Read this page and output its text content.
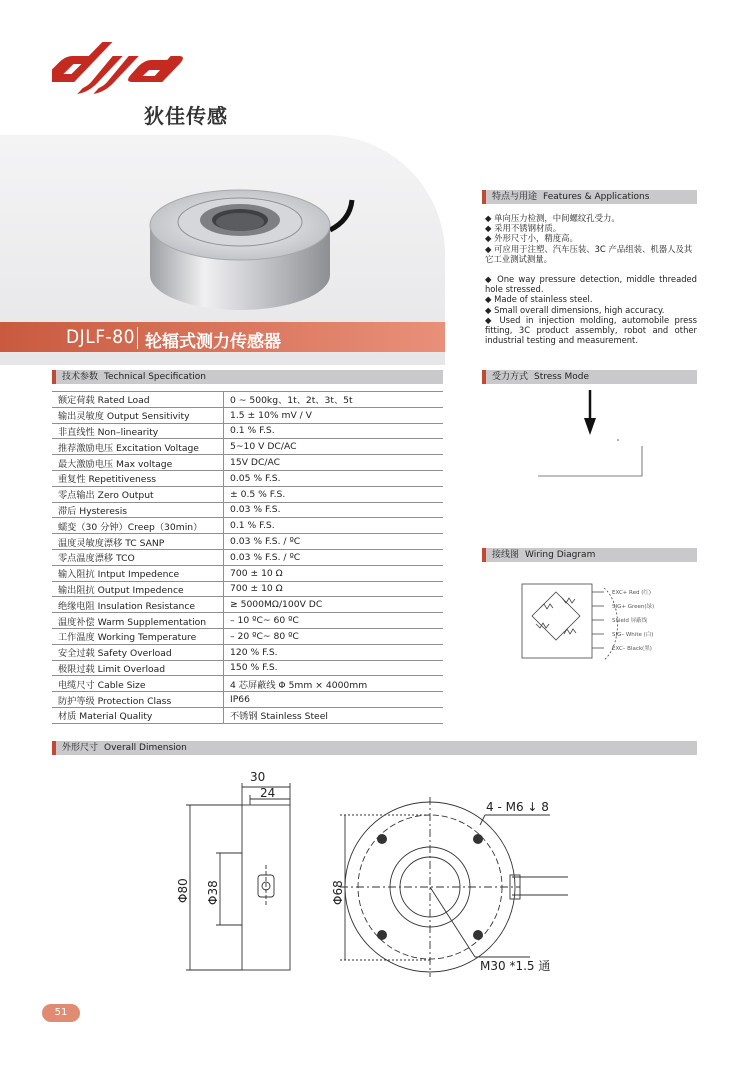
狄佳传感
DJLF-80 轮辐式测力传感器
特点与用途 Features & Applications

◆ 单向压力检测，中间螺纹孔受力。

◆ 采用不锈钢材质。

◆ 外形尺寸小，精度高。

◆ 可应用于注塑、汽车压装、3C 产品组装、机器人及其它工业测试测量。

◆ One way pressure detection, middle threaded hole stressed.

◆ Made of stainless steel.

◆ Small overall dimensions, high accuracy.

◆ Used in injection molding, automobile press fitting, 3C product assembly, robot and other industrial testing and measurement.

技术参数 Technical Specification
额定荷载 Rated Load	0 ~ 500kg、1t、2t、3t、5t
输出灵敏度 Output Sensitivity	1.5 ± 10% mV / V
非直线性 Non–linearity	0.1 % F.S.
推荐激励电压 Excitation Voltage	5~10 V DC/AC
最大激励电压 Max voltage	15V DC/AC
重复性 Repetitiveness	0.05 % F.S.
零点输出 Zero Output	± 0.5 % F.S.
滞后 Hysteresis	0.03 % F.S.
蠕变（30 分钟）Creep（30min）	0.1 % F.S.
温度灵敏度漂移 TC SANP	0.03 % F.S. / ºC
零点温度漂移 TCO	0.03 % F.S. / ºC
输入阻抗 Intput Impedence	700 ± 10 Ω
输出阻抗 Output Impedence	700 ± 10 Ω
绝缘电阻 Insulation Resistance	≥ 5000MΩ/100V DC
温度补偿 Warm Supplementation	– 10 ºC~ 60 ºC
工作温度 Working Temperature	– 20 ºC~ 80 ºC
安全过载 Safety Overload	120 % F.S.
极限过载 Limit Overload	150 % F.S.
电缆尺寸 Cable Size	4 芯屏蔽线 Φ 5mm × 4000mm
防护等级 Protection Class	IP66
材质 Material Quality	不锈钢 Stainless Steel
受力方式 Stress Mode
接线图 Wiring Diagram
EXC+ Red (红)
SIG+ Green(绿)
Shield 屏蔽线
SIG– White (白)
EXC– Black(黑)
外形尺寸 Overall Dimension
30
24
Φ80 Φ38	Φ68
4 - M6 ↓ 8
M30 *1.5 通
51
